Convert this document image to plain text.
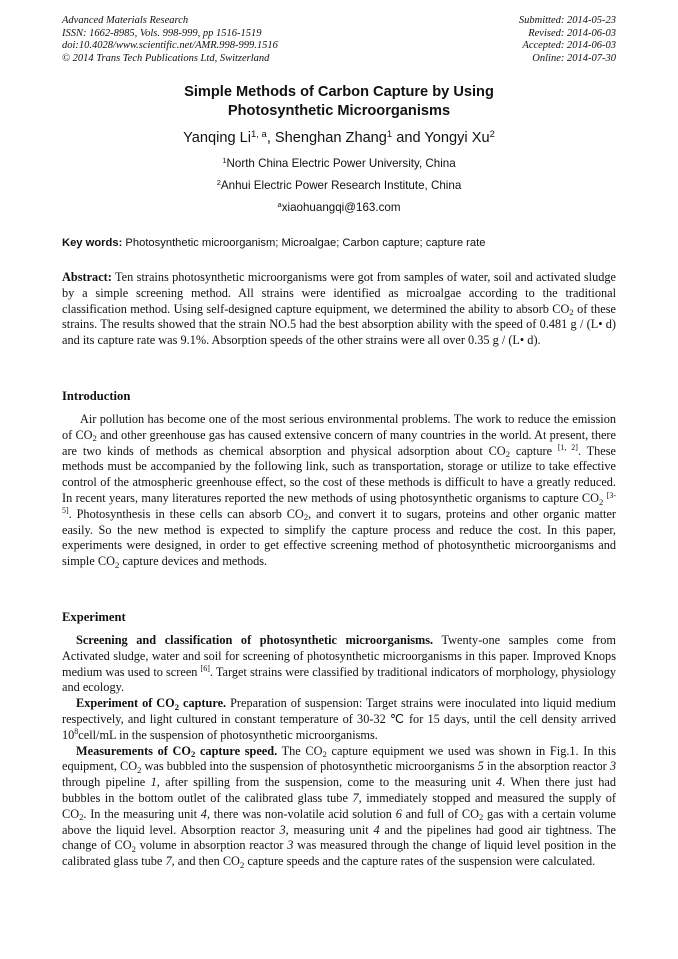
Advanced Materials Research
ISSN: 1662-8985, Vols. 998-999, pp 1516-1519
doi:10.4028/www.scientific.net/AMR.998-999.1516
© 2014 Trans Tech Publications Ltd, Switzerland
Submitted: 2014-05-23
Revised: 2014-06-03
Accepted: 2014-06-03
Online: 2014-07-30
Simple Methods of Carbon Capture by Using
Photosynthetic Microorganisms
Yanqing Li$^{1, a}$, Shenghan Zhang$^1$ and Yongyi Xu$^2$
$^1$North China Electric Power University, China
$^2$Anhui Electric Power Research Institute, China
$^a$xiaohuangqi@163.com
Key words: Photosynthetic microorganism; Microalgae; Carbon capture; capture rate

Abstract: Ten strains photosynthetic microorganisms were got from samples of water, soil and activated sludge by a simple screening method. All strains were identified as microalgae according to the traditional classification method. Using self-designed capture equipment, we determined the ability to absorb $CO_2$ of these strains. The results showed that the strain NO.5 had the best absorption ability with the speed of 0.481 g / (L• d) and its capture rate was 9.1%. Absorption speeds of the other strains were all over 0.35 g / (L• d).

Introduction

Air pollution has become one of the most serious environmental problems. The work to reduce the emission of $CO_2$ and other greenhouse gas has caused extensive concern of many countries in the world. At present, there are two kinds of methods as chemical absorption and physical adsorption about $CO_2$ capture [1, 2]. These methods must be accompanied by the following link, such as transportation, storage or utilize to take effective control of the atmospheric greenhouse effect, so the cost of these methods is difficult to have a greatly reduced. In recent years, many literatures reported the new methods of using photosynthetic organisms to capture $CO_2$ [3-5]. Photosynthesis in these cells can absorb $CO_2$, and convert it to sugars, proteins and other organic matter easily. So the new method is expected to simplify the capture process and reduce the cost. In this paper, experiments were designed, in order to get effective screening method of photosynthetic microorganisms and simple $CO_2$ capture devices and methods.

Experiment

Screening and classification of photosynthetic microorganisms. Twenty-one samples come from Activated sludge, water and soil for screening of photosynthetic microorganisms in this paper. Improved Knops medium was used to screen [6]. Target strains were classified by traditional indicators of morphology, physiology and ecology.

Experiment of $CO_2$ capture. Preparation of suspension: Target strains were inoculated into liquid medium respectively, and light cultured in constant temperature of 30-32 ℃ for 15 days, until the cell density arrived $10^8cell/mL$ in the suspension of photosynthetic microorganisms.

Measurements of $CO_2$ capture speed. The $CO_2$ capture equipment we used was shown in Fig.1. In this equipment, $CO_2$ was bubbled into the suspension of photosynthetic microorganisms 5 in the absorption reactor 3 through pipeline 1, after spilling from the suspension, come to the measuring unit 4. When there just had bubbles in the bottom outlet of the calibrated glass tube 7, immediately stopped and measured the supply of $CO_2$. In the measuring unit 4, there was non-volatile acid solution 6 and full of $CO_2$ gas with a certain volume above the liquid level. Absorption reactor 3, measuring unit 4 and the pipelines had good air tightness. The change of $CO_2$ volume in absorption reactor 3 was measured through the change of liquid level position in the calibrated glass tube 7, and then $CO_2$ capture speeds and the capture rates of the suspension were calculated.
